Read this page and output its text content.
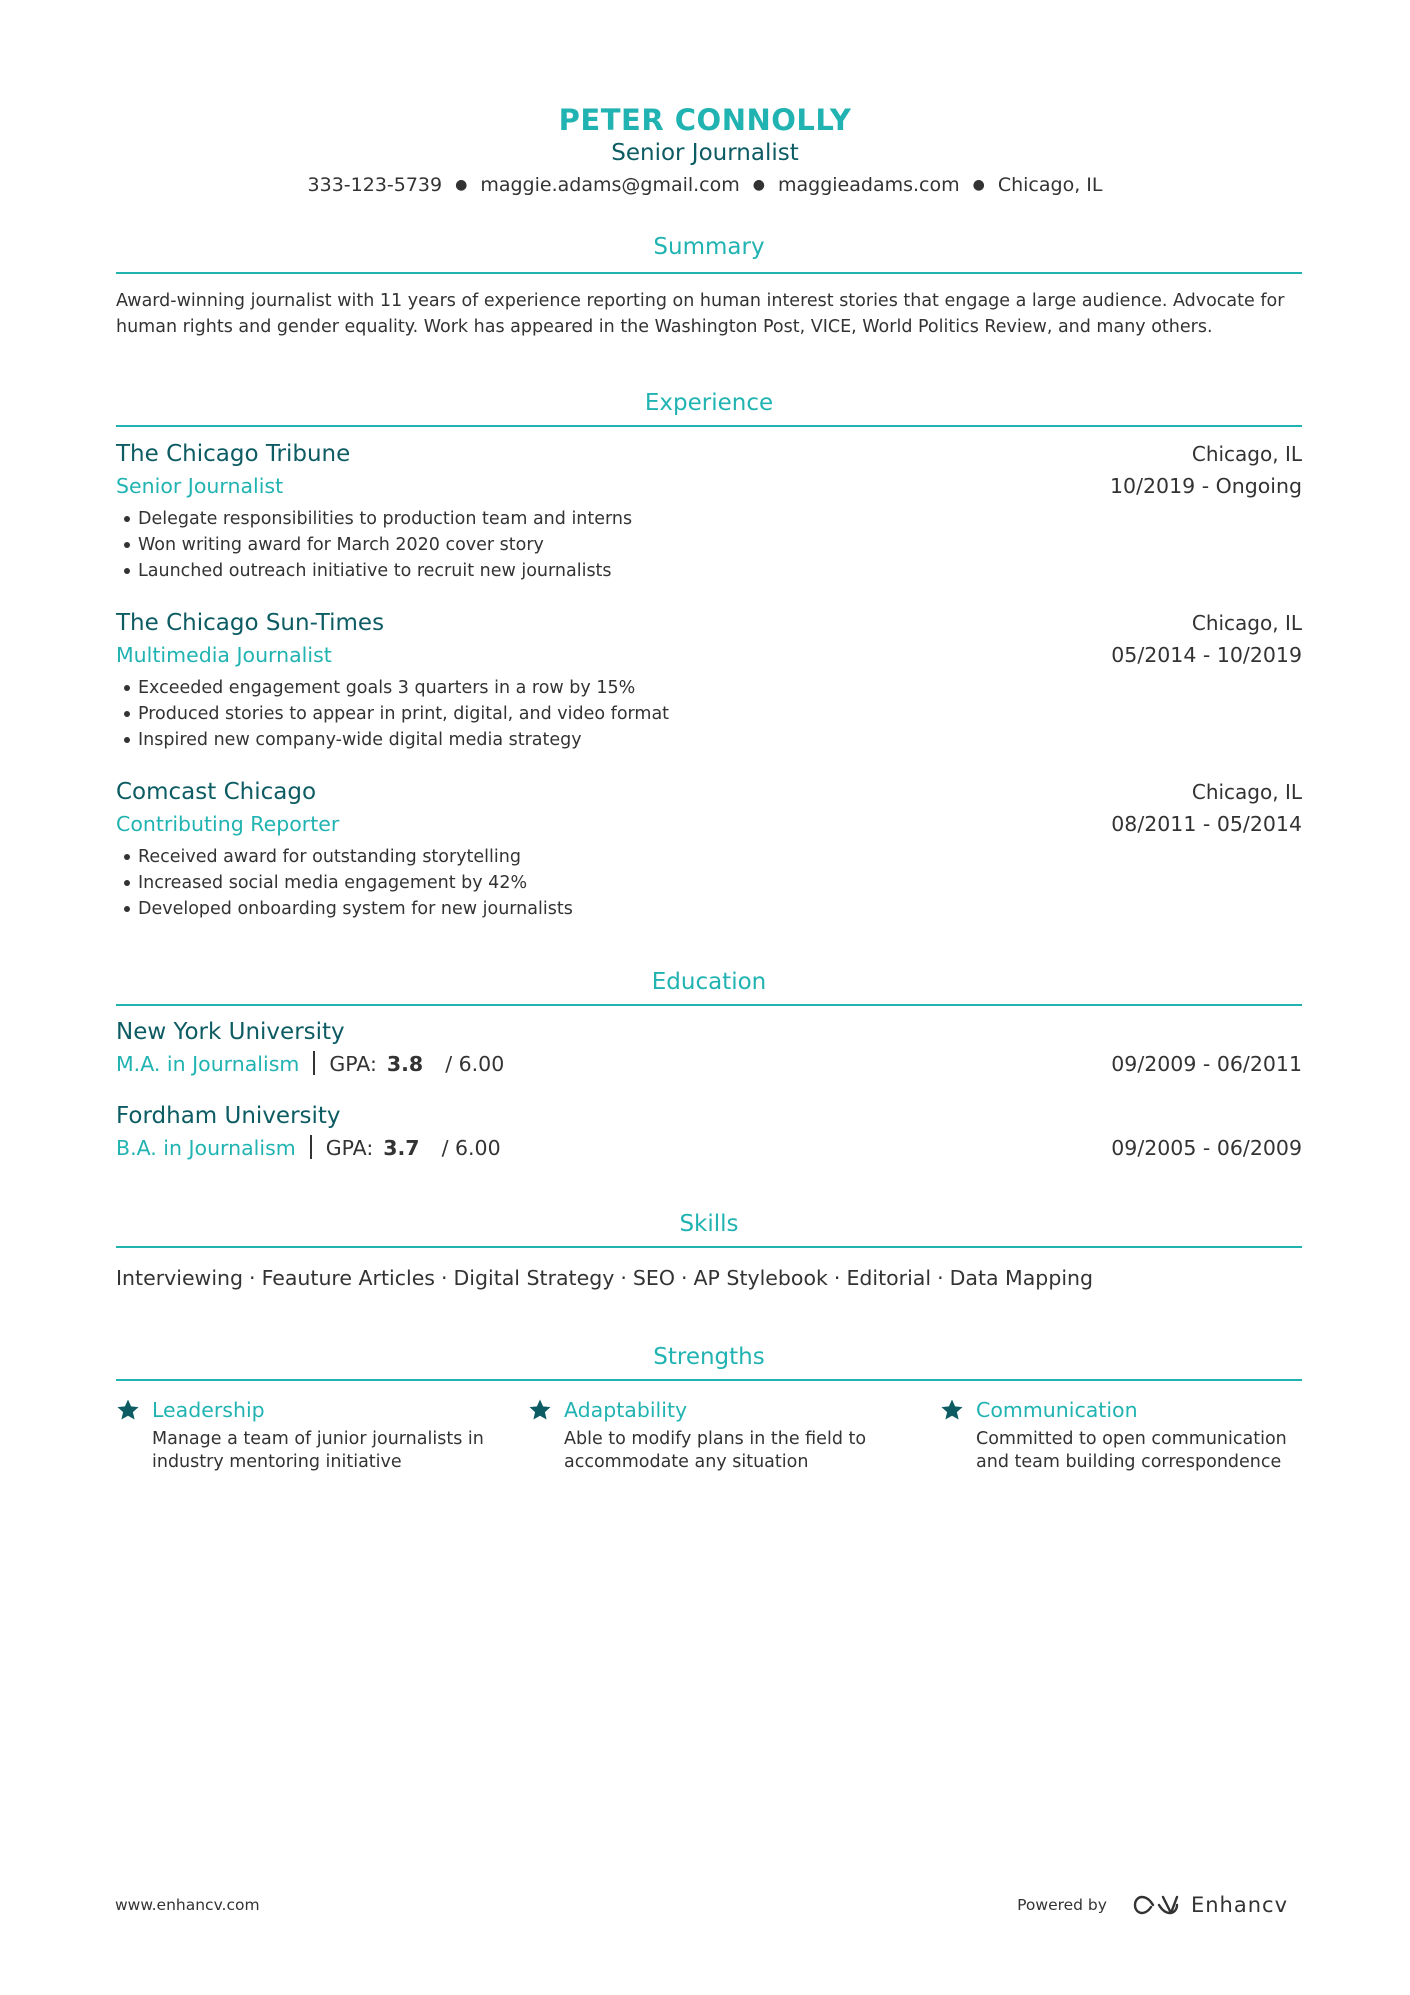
PETER CONNOLLY
Senior Journalist
333-123-5739 ● maggie.adams@gmail.com ● maggieadams.com ● Chicago, IL
Summary
Award-winning journalist with 11 years of experience reporting on human interest stories that engage a large audience. Advocate for human rights and gender equality. Work has appeared in the Washington Post, VICE, World Politics Review, and many others.
Experience
The Chicago Tribune	Chicago, IL
Senior Journalist	10/2019 - Ongoing
Delegate responsibilities to production team and interns
Won writing award for March 2020 cover story
Launched outreach initiative to recruit new journalists
The Chicago Sun-Times	Chicago, IL
Multimedia Journalist	05/2014 - 10/2019
Exceeded engagement goals 3 quarters in a row by 15%
Produced stories to appear in print, digital, and video format
Inspired new company-wide digital media strategy
Comcast Chicago	Chicago, IL
Contributing Reporter	08/2011 - 05/2014
Received award for outstanding storytelling
Increased social media engagement by 42%
Developed onboarding system for new journalists
Education
New York University
M.A. in Journalism GPA: 3.8 / 6.00	09/2009 - 06/2011
Fordham University
B.A. in Journalism GPA: 3.7 / 6.00	09/2005 - 06/2009
Skills
Interviewing · Feauture Articles · Digital Strategy · SEO · AP Stylebook · Editorial · Data Mapping
Strengths
Leadership
Manage a team of junior journalists in
industry mentoring initiative
Adaptability
Able to modify plans in the field to
accommodate any situation
Communication
Committed to open communication
and team building correspondence
www.enhancv.com	Powered by	Enhancv
